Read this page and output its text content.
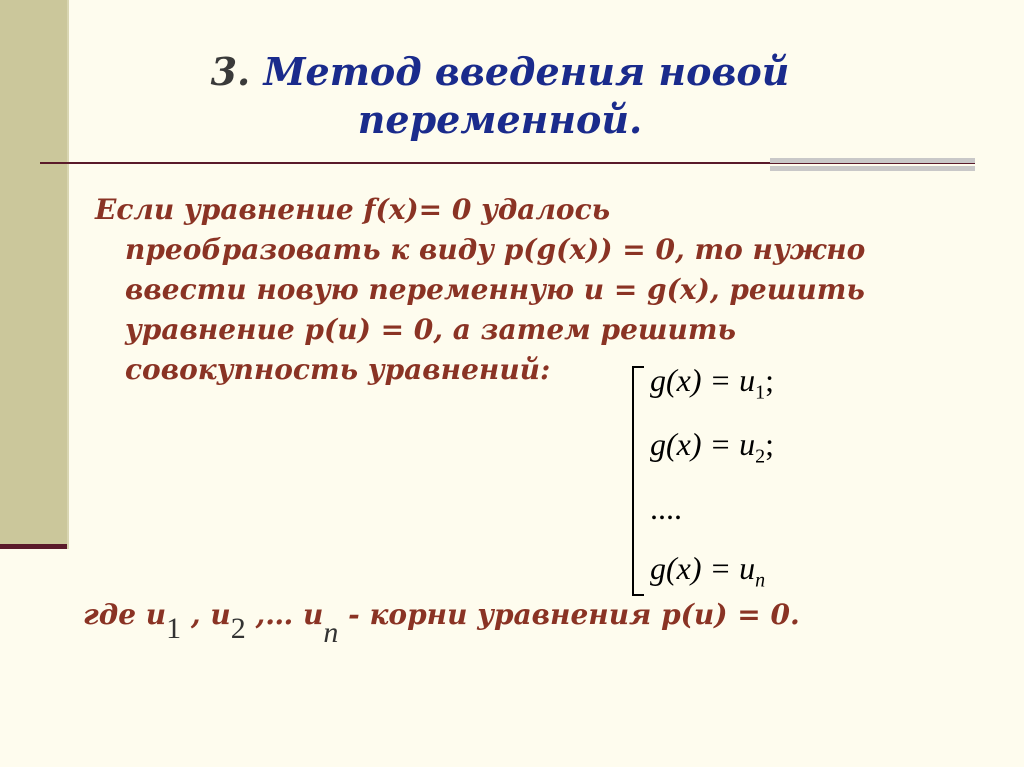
3. Метод введения новой
переменной.
Если уравнение f(x)= 0 удалось
преобразовать к виду p(g(x)) = 0, то нужно
ввести новую переменную u = g(x), решить
уравнение p(u) = 0, а затем решить
совокупность уравнений:	$g(x) = u_1$;
$g(x) = u_2$;
....
$g(x) = u_n$
где u1 , u2 ,… un - корни уравнения p(u) = 0.
